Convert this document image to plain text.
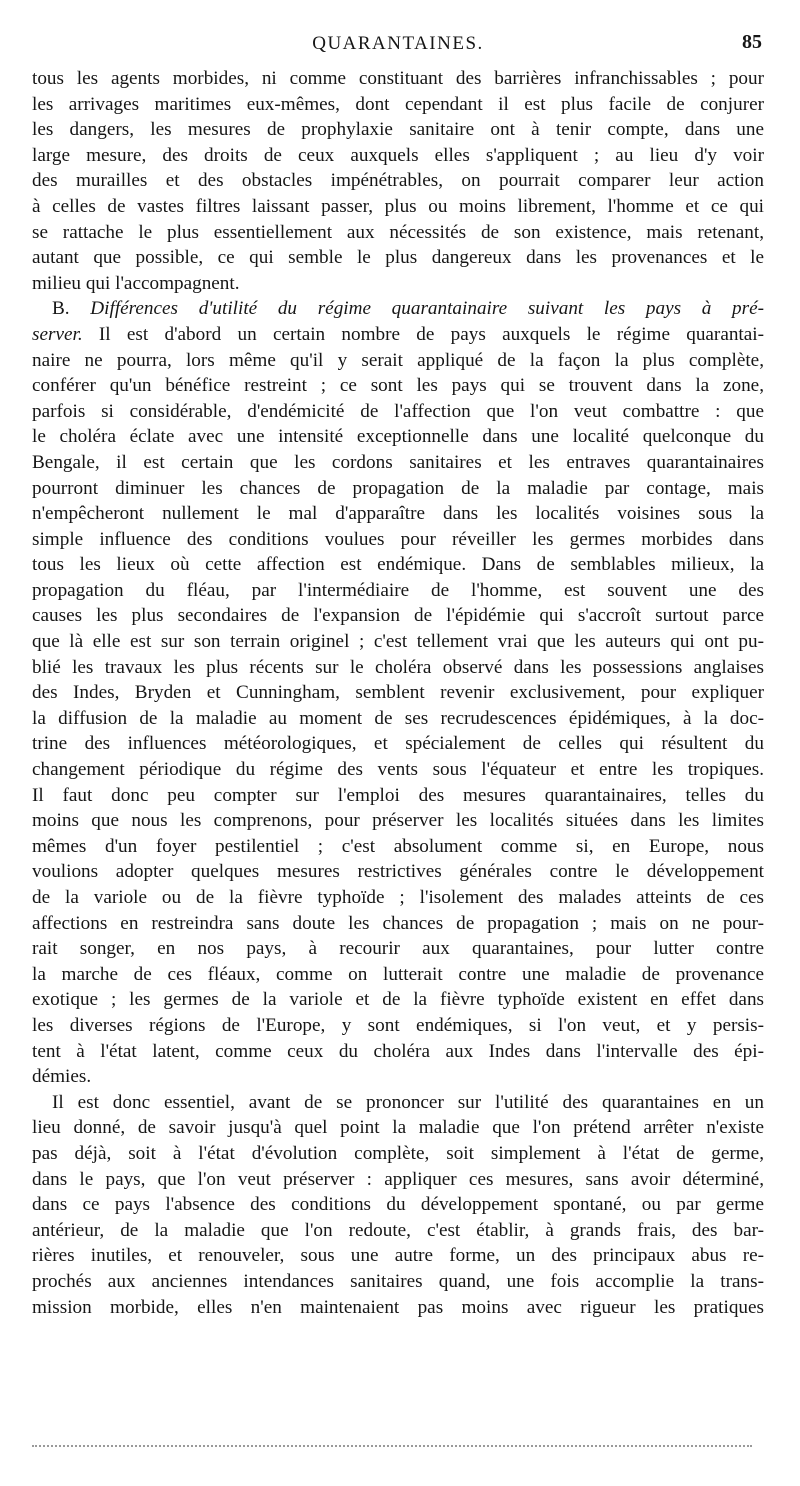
QUARANTAINES.	85
tous les agents morbides, ni comme constituant des barrières infranchissables ; pour
les arrivages maritimes eux-mêmes, dont cependant il est plus facile de conjurer
les dangers, les mesures de prophylaxie sanitaire ont à tenir compte, dans une
large mesure, des droits de ceux auxquels elles s'appliquent ; au lieu d'y voir
des murailles et des obstacles impénétrables, on pourrait comparer leur action
à celles de vastes filtres laissant passer, plus ou moins librement, l'homme et ce qui
se rattache le plus essentiellement aux nécessités de son existence, mais retenant,
autant que possible, ce qui semble le plus dangereux dans les provenances et le
milieu qui l'accompagnent.
B. Différences d'utilité du régime quarantainaire suivant les pays à pré-
server. Il est d'abord un certain nombre de pays auxquels le régime quarantai-
naire ne pourra, lors même qu'il y serait appliqué de la façon la plus complète,
conférer qu'un bénéfice restreint ; ce sont les pays qui se trouvent dans la zone,
parfois si considérable, d'endémicité de l'affection que l'on veut combattre : que
le choléra éclate avec une intensité exceptionnelle dans une localité quelconque du
Bengale, il est certain que les cordons sanitaires et les entraves quarantainaires
pourront diminuer les chances de propagation de la maladie par contage, mais
n'empêcheront nullement le mal d'apparaître dans les localités voisines sous la
simple influence des conditions voulues pour réveiller les germes morbides dans
tous les lieux où cette affection est endémique. Dans de semblables milieux, la
propagation du fléau, par l'intermédiaire de l'homme, est souvent une des
causes les plus secondaires de l'expansion de l'épidémie qui s'accroît surtout parce
que là elle est sur son terrain originel ; c'est tellement vrai que les auteurs qui ont pu-
blié les travaux les plus récents sur le choléra observé dans les possessions anglaises
des Indes, Bryden et Cunningham, semblent revenir exclusivement, pour expliquer
la diffusion de la maladie au moment de ses recrudescences épidémiques, à la doc-
trine des influences météorologiques, et spécialement de celles qui résultent du
changement périodique du régime des vents sous l'équateur et entre les tropiques.
Il faut donc peu compter sur l'emploi des mesures quarantainaires, telles du
moins que nous les comprenons, pour préserver les localités situées dans les limites
mêmes d'un foyer pestilentiel ; c'est absolument comme si, en Europe, nous
voulions adopter quelques mesures restrictives générales contre le développement
de la variole ou de la fièvre typhoïde ; l'isolement des malades atteints de ces
affections en restreindra sans doute les chances de propagation ; mais on ne pour-
rait songer, en nos pays, à recourir aux quarantaines, pour lutter contre
la marche de ces fléaux, comme on lutterait contre une maladie de provenance
exotique ; les germes de la variole et de la fièvre typhoïde existent en effet dans
les diverses régions de l'Europe, y sont endémiques, si l'on veut, et y persis-
tent à l'état latent, comme ceux du choléra aux Indes dans l'intervalle des épi-
démies.
Il est donc essentiel, avant de se prononcer sur l'utilité des quarantaines en un
lieu donné, de savoir jusqu'à quel point la maladie que l'on prétend arrêter n'existe
pas déjà, soit à l'état d'évolution complète, soit simplement à l'état de germe,
dans le pays, que l'on veut préserver : appliquer ces mesures, sans avoir déterminé,
dans ce pays l'absence des conditions du développement spontané, ou par germe
antérieur, de la maladie que l'on redoute, c'est établir, à grands frais, des bar-
rières inutiles, et renouveler, sous une autre forme, un des principaux abus re-
prochés aux anciennes intendances sanitaires quand, une fois accomplie la trans-
mission morbide, elles n'en maintenaient pas moins avec rigueur les pratiques
